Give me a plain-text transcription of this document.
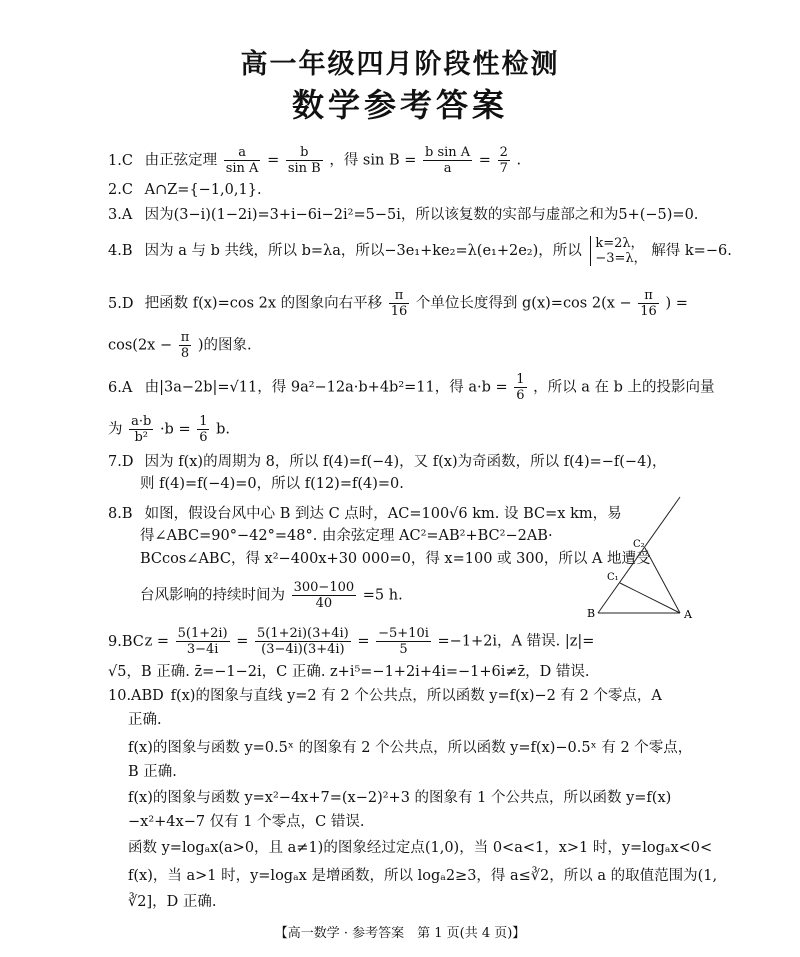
高一年级四月阶段性检测
数学参考答案
1.C 由正弦定理 $\frac{a}{\text{sin A}} = \frac{b}{\text{sin B}}$ ，得 $\sin B = \frac{\text{b sin A}}{a} = \frac{2}{7}$ .
2.C A∩Z={−1,0,1}.
3.A 因为(3−i)(1−2i)=3+i−6i−2i²=5−5i，所以该复数的实部与虚部之和为5+(−5)=0.
4.B 因为 a 与 b 共线，所以 b=λa，所以−3e₁+ke₂=λ(e₁+2e₂)，所以 k=2λ，
−3=λ， 解得 k=−6.
5.D 把函数 f(x)=cos 2x 的图象向右平移 $\frac{\pi}{16}$ 个单位长度得到 g(x)=cos $2(x - \frac{\pi}{16}$ ) =
$\cos(2x - \frac{\pi}{8}$ )的图象.
6.A 由|3a−2b|=√11，得 9a²−12a·b+4b²=11，得 $a\cdot b = \frac{1}{6}$ ，所以 a 在 b 上的投影向量
为 $\frac{a\cdot b}{\text{b²}} \cdot b = \frac{1}{6} b$.
7.D 因为 f(x)的周期为 8，所以 f(4)=f(−4)，又 f(x)为奇函数，所以 f(4)=−f(−4)，
则 f(4)=f(−4)=0，所以 f(12)=f(4)=0.
8.B 如图，假设台风中心 B 到达 C 点时，AC=100√6 km. 设 BC=x km，易
得∠ABC=90°−42°=48°. 由余弦定理 AC²=AB²+BC²−2AB·
BCcos∠ABC，得 x²−400x+30 000=0，得 x=100 或 300，所以 A 地遭受
台风影响的持续时间为 $\frac{300-100}{40} =5$ h.
B
C₁
C₂
A
9.BC $z = \frac{5(1+2i)}{3-4i} = \frac{5(1+2i)(3+4i)}{(3-4i)(3+4i)} = \frac{-5+10i}{5} =-1+2i$，A 错误. |z|=
√5，B 正确. z̄=−1−2i，C 正确. z+i⁵=−1+2i+4i=−1+6i≠z̄，D 错误.
10.ABD f(x)的图象与直线 y=2 有 2 个公共点，所以函数 y=f(x)−2 有 2 个零点，A
正确.
f(x)的图象与函数 y=0.5ˣ 的图象有 2 个公共点，所以函数 y=f(x)−0.5ˣ 有 2 个零点，
B 正确.
f(x)的图象与函数 y=x²−4x+7=(x−2)²+3 的图象有 1 个公共点，所以函数 y=f(x)
−x²+4x−7 仅有 1 个零点，C 错误.
函数 y=logₐx(a>0，且 a≠1)的图象经过定点(1,0)，当 0<a<1，x>1 时，y=logₐx<0<
f(x)，当 a>1 时，y=logₐx 是增函数，所以 logₐ2≥3，得 a≤∛2，所以 a 的取值范围为(1,
∛2]，D 正确.
【高一数学 · 参考答案　第 1 页(共 4 页)】
